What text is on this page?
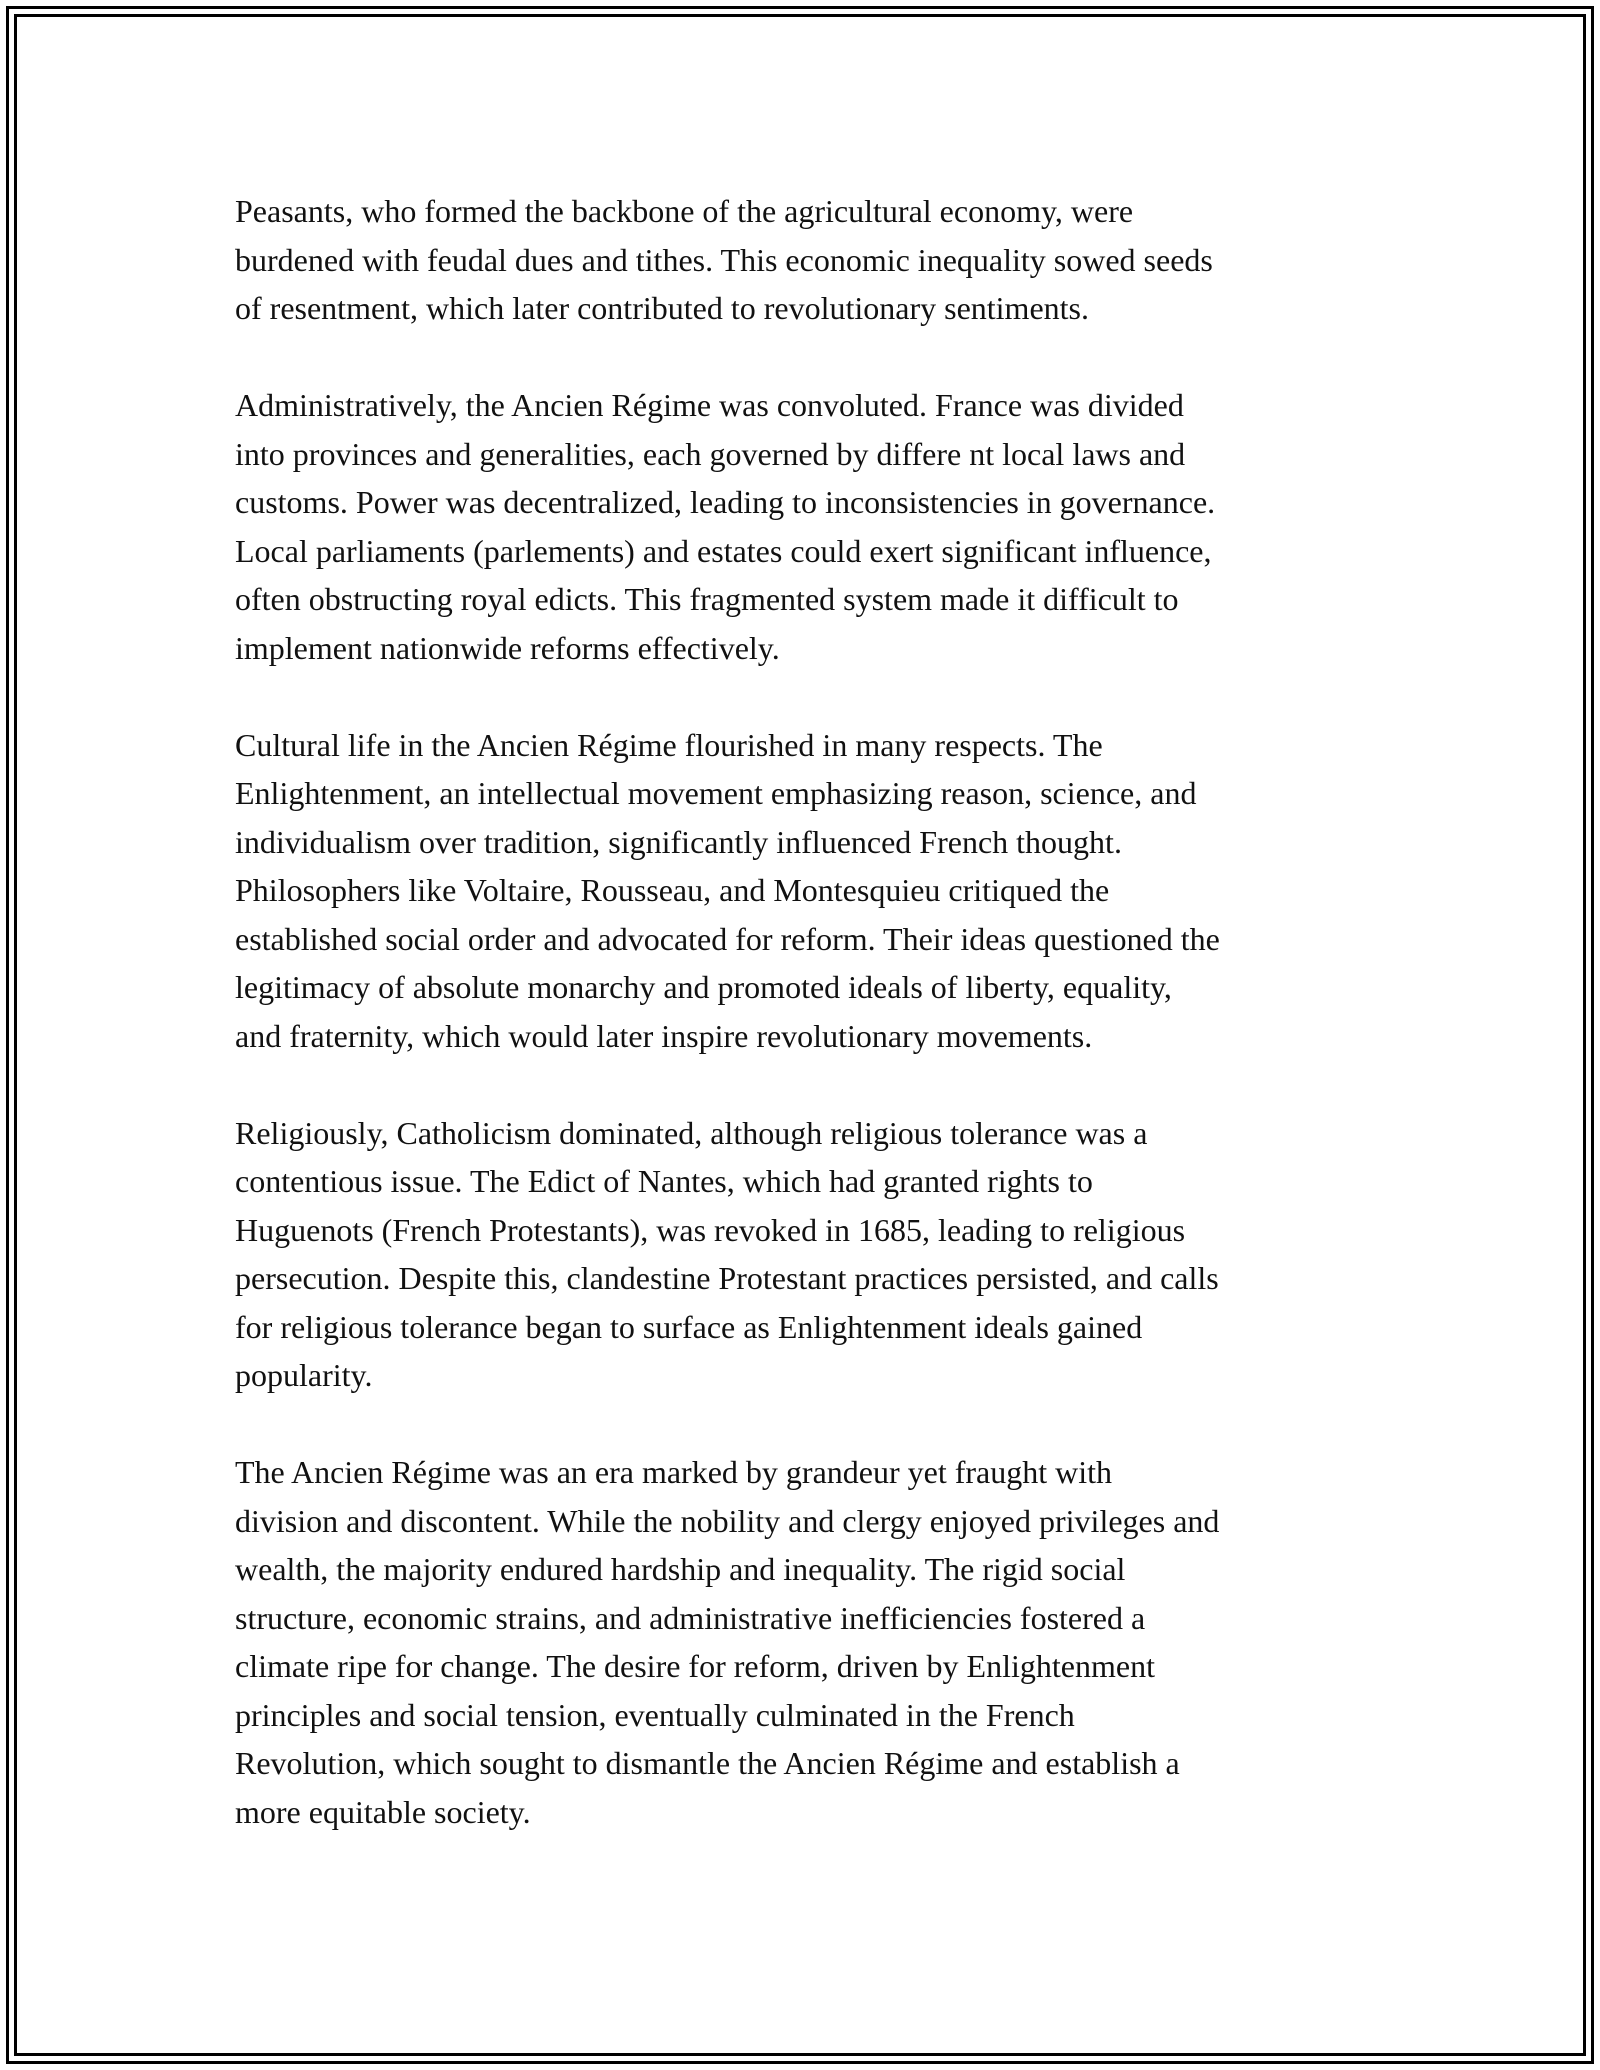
Peasants, who formed the backbone of the agricultural economy, were
burdened with feudal dues and tithes. This economic inequality sowed seeds
of resentment, which later contributed to revolutionary sentiments.

Administratively, the Ancien Régime was convoluted. France was divided
into provinces and generalities, each governed by differe nt local laws and
customs. Power was decentralized, leading to inconsistencies in governance.
Local parliaments (parlements) and estates could exert significant influence,
often obstructing royal edicts. This fragmented system made it difficult to
implement nationwide reforms effectively.

Cultural life in the Ancien Régime flourished in many respects. The
Enlightenment, an intellectual movement emphasizing reason, science, and
individualism over tradition, significantly influenced French thought.
Philosophers like Voltaire, Rousseau, and Montesquieu critiqued the
established social order and advocated for reform. Their ideas questioned the
legitimacy of absolute monarchy and promoted ideals of liberty, equality,
and fraternity, which would later inspire revolutionary movements.

Religiously, Catholicism dominated, although religious tolerance was a
contentious issue. The Edict of Nantes, which had granted rights to
Huguenots (French Protestants), was revoked in 1685, leading to religious
persecution. Despite this, clandestine Protestant practices persisted, and calls
for religious tolerance began to surface as Enlightenment ideals gained
popularity.

The Ancien Régime was an era marked by grandeur yet fraught with
division and discontent. While the nobility and clergy enjoyed privileges and
wealth, the majority endured hardship and inequality. The rigid social
structure, economic strains, and administrative inefficiencies fostered a
climate ripe for change. The desire for reform, driven by Enlightenment
principles and social tension, eventually culminated in the French
Revolution, which sought to dismantle the Ancien Régime and establish a
more equitable society.
